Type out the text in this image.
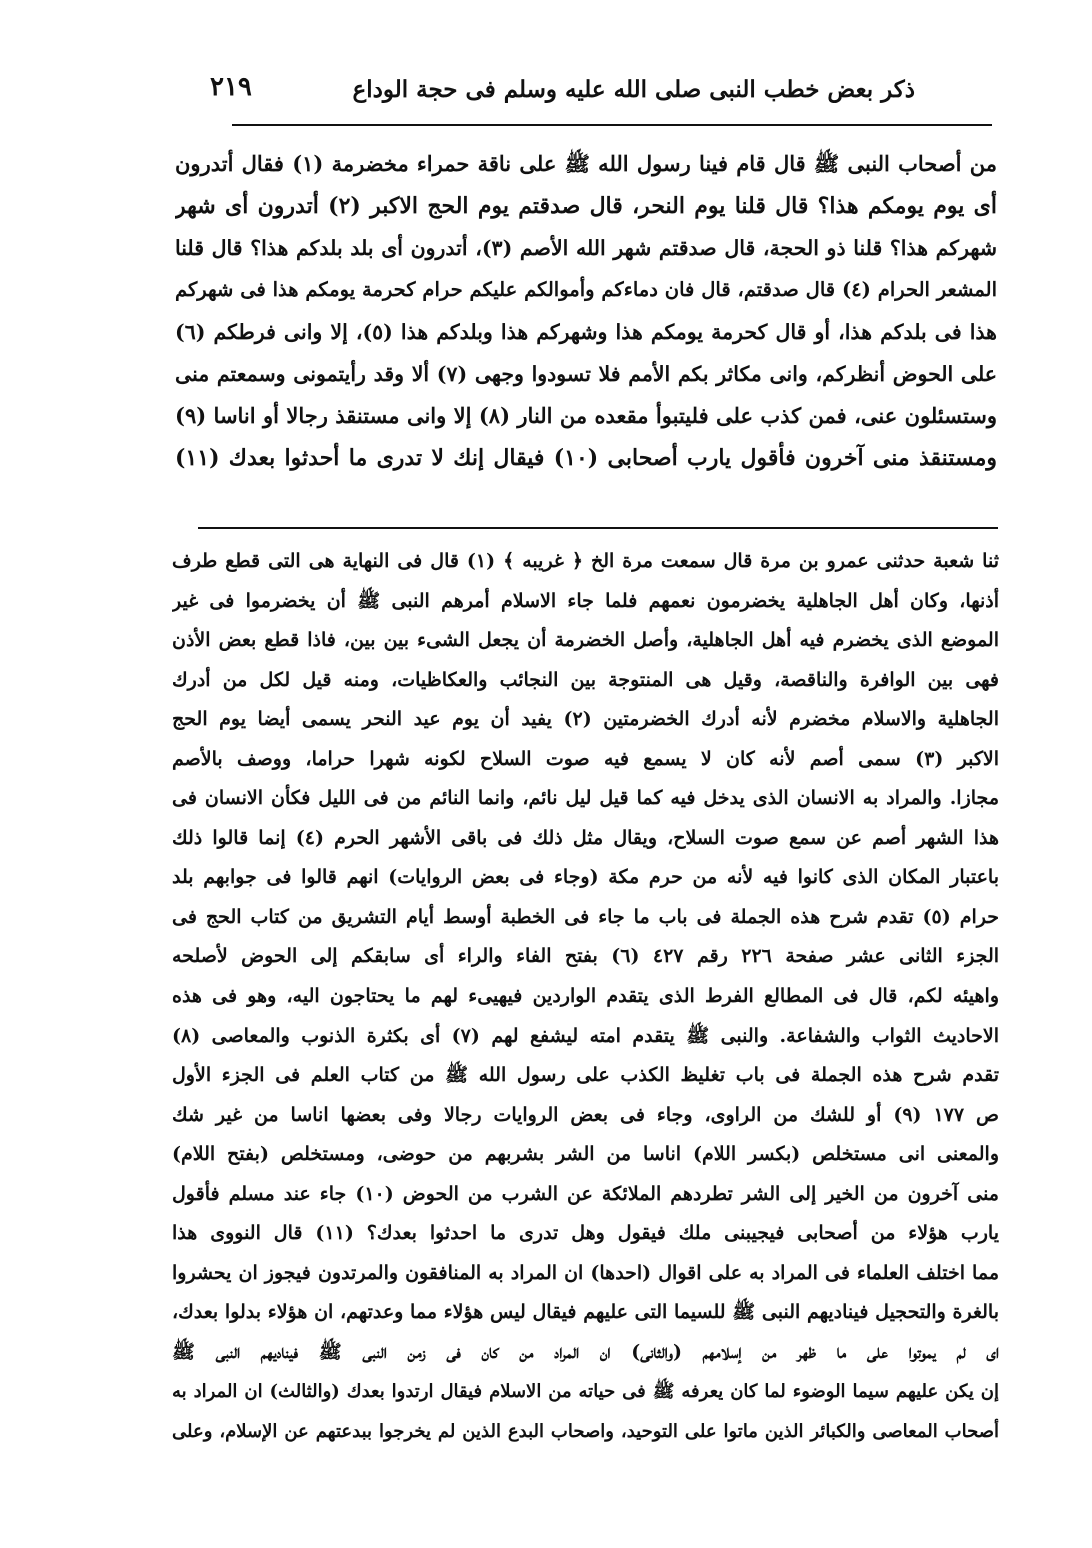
٢١٩	ذكر بعض خطب النبى صلى الله عليه وسلم فى حجة الوداع
من أصحاب النبى ﷺ قال قام فينا رسول الله ﷺ على ناقة حمراء مخضرمة (١) فقال أتدرون
أى يوم يومكم هذا؟ قال قلنا يوم النحر، قال صدقتم يوم الحج الاكبر (٢) أتدرون أى شهر
شهركم هذا؟ قلنا ذو الحجة، قال صدقتم شهر الله الأصم (٣)، أتدرون أى بلد بلدكم هذا؟ قال قلنا
المشعر الحرام (٤) قال صدقتم، قال فان دماءكم وأموالكم عليكم حرام كحرمة يومكم هذا فى شهركم
هذا فى بلدكم هذا، أو قال كحرمة يومكم هذا وشهركم هذا وبلدكم هذا (٥)، إلا وانى فرطكم (٦)
على الحوض أنظركم، وانى مكاثر بكم الأمم فلا تسودوا وجهى (٧) ألا وقد رأيتمونى وسمعتم منى
وستسئلون عنى، فمن كذب على فليتبوأ مقعده من النار (٨) إلا وانى مستنقذ رجالا أو اناسا (٩)
ومستنقذ منى آخرون فأقول يارب أصحابى (١٠) فيقال إنك لا تدرى ما أحدثوا بعدك (١١)
ثنا شعبة حدثنى عمرو بن مرة قال سمعت مرة الخ ﴿ غريبه ﴾ (١) قال فى النهاية هى التى قطع طرف
أذنها، وكان أهل الجاهلية يخضرمون نعمهم فلما جاء الاسلام أمرهم النبى ﷺ أن يخضرموا فى غير
الموضع الذى يخضرم فيه أهل الجاهلية، وأصل الخضرمة أن يجعل الشىء بين بين، فاذا قطع بعض الأذن
فهى بين الوافرة والناقصة، وقيل هى المنتوجة بين النجائب والعكاظيات، ومنه قيل لكل من أدرك
الجاهلية والاسلام مخضرم لأنه أدرك الخضرمتين (٢) يفيد أن يوم عيد النحر يسمى أيضا يوم الحج
الاكبر (٣) سمى أصم لأنه كان لا يسمع فيه صوت السلاح لكونه شهرا حراما، ووصف بالأصم
مجازا. والمراد به الانسان الذى يدخل فيه كما قيل ليل نائم، وانما النائم من فى الليل فكأن الانسان فى
هذا الشهر أصم عن سمع صوت السلاح، ويقال مثل ذلك فى باقى الأشهر الحرم (٤) إنما قالوا ذلك
باعتبار المكان الذى كانوا فيه لأنه من حرم مكة (وجاء فى بعض الروايات) انهم قالوا فى جوابهم بلد
حرام (٥) تقدم شرح هذه الجملة فى باب ما جاء فى الخطبة أوسط أيام التشريق من كتاب الحج فى
الجزء الثانى عشر صفحة ٢٢٦ رقم ٤٢٧ (٦) بفتح الفاء والراء أى سابقكم إلى الحوض لأصلحه
واهيئه لكم، قال فى المطالع الفرط الذى يتقدم الواردين فيهيىء لهم ما يحتاجون اليه، وهو فى هذه
الاحاديث الثواب والشفاعة. والنبى ﷺ يتقدم امته ليشفع لهم (٧) أى بكثرة الذنوب والمعاصى (٨)
تقدم شرح هذه الجملة فى باب تغليظ الكذب على رسول الله ﷺ من كتاب العلم فى الجزء الأول
ص ١٧٧ (٩) أو للشك من الراوى، وجاء فى بعض الروايات رجالا وفى بعضها اناسا من غير شك
والمعنى انى مستخلص (بكسر اللام) اناسا من الشر بشربهم من حوضى، ومستخلص (بفتح اللام)
منى آخرون من الخير إلى الشر تطردهم الملائكة عن الشرب من الحوض (١٠) جاء عند مسلم فأقول
يارب هؤلاء من أصحابى فيجيبنى ملك فيقول وهل تدرى ما احدثوا بعدك؟ (١١) قال النووى هذا
مما اختلف العلماء فى المراد به على اقوال (احدها) ان المراد به المنافقون والمرتدون فيجوز ان يحشروا
بالغرة والتحجيل فيناديهم النبى ﷺ للسيما التى عليهم فيقال ليس هؤلاء مما وعدتهم، ان هؤلاء بدلوا بعدك،
اى لم يموتوا على ما ظهر من إسلامهم (والثانى) ان المراد من كان فى زمن النبى ﷺ فيناديهم النبى ﷺ
إن يكن عليهم سيما الوضوء لما كان يعرفه ﷺ فى حياته من الاسلام فيقال ارتدوا بعدك (والثالث) ان المراد به
أصحاب المعاصى والكبائر الذين ماتوا على التوحيد، واصحاب البدع الذين لم يخرجوا ببدعتهم عن الإسلام، وعلى
